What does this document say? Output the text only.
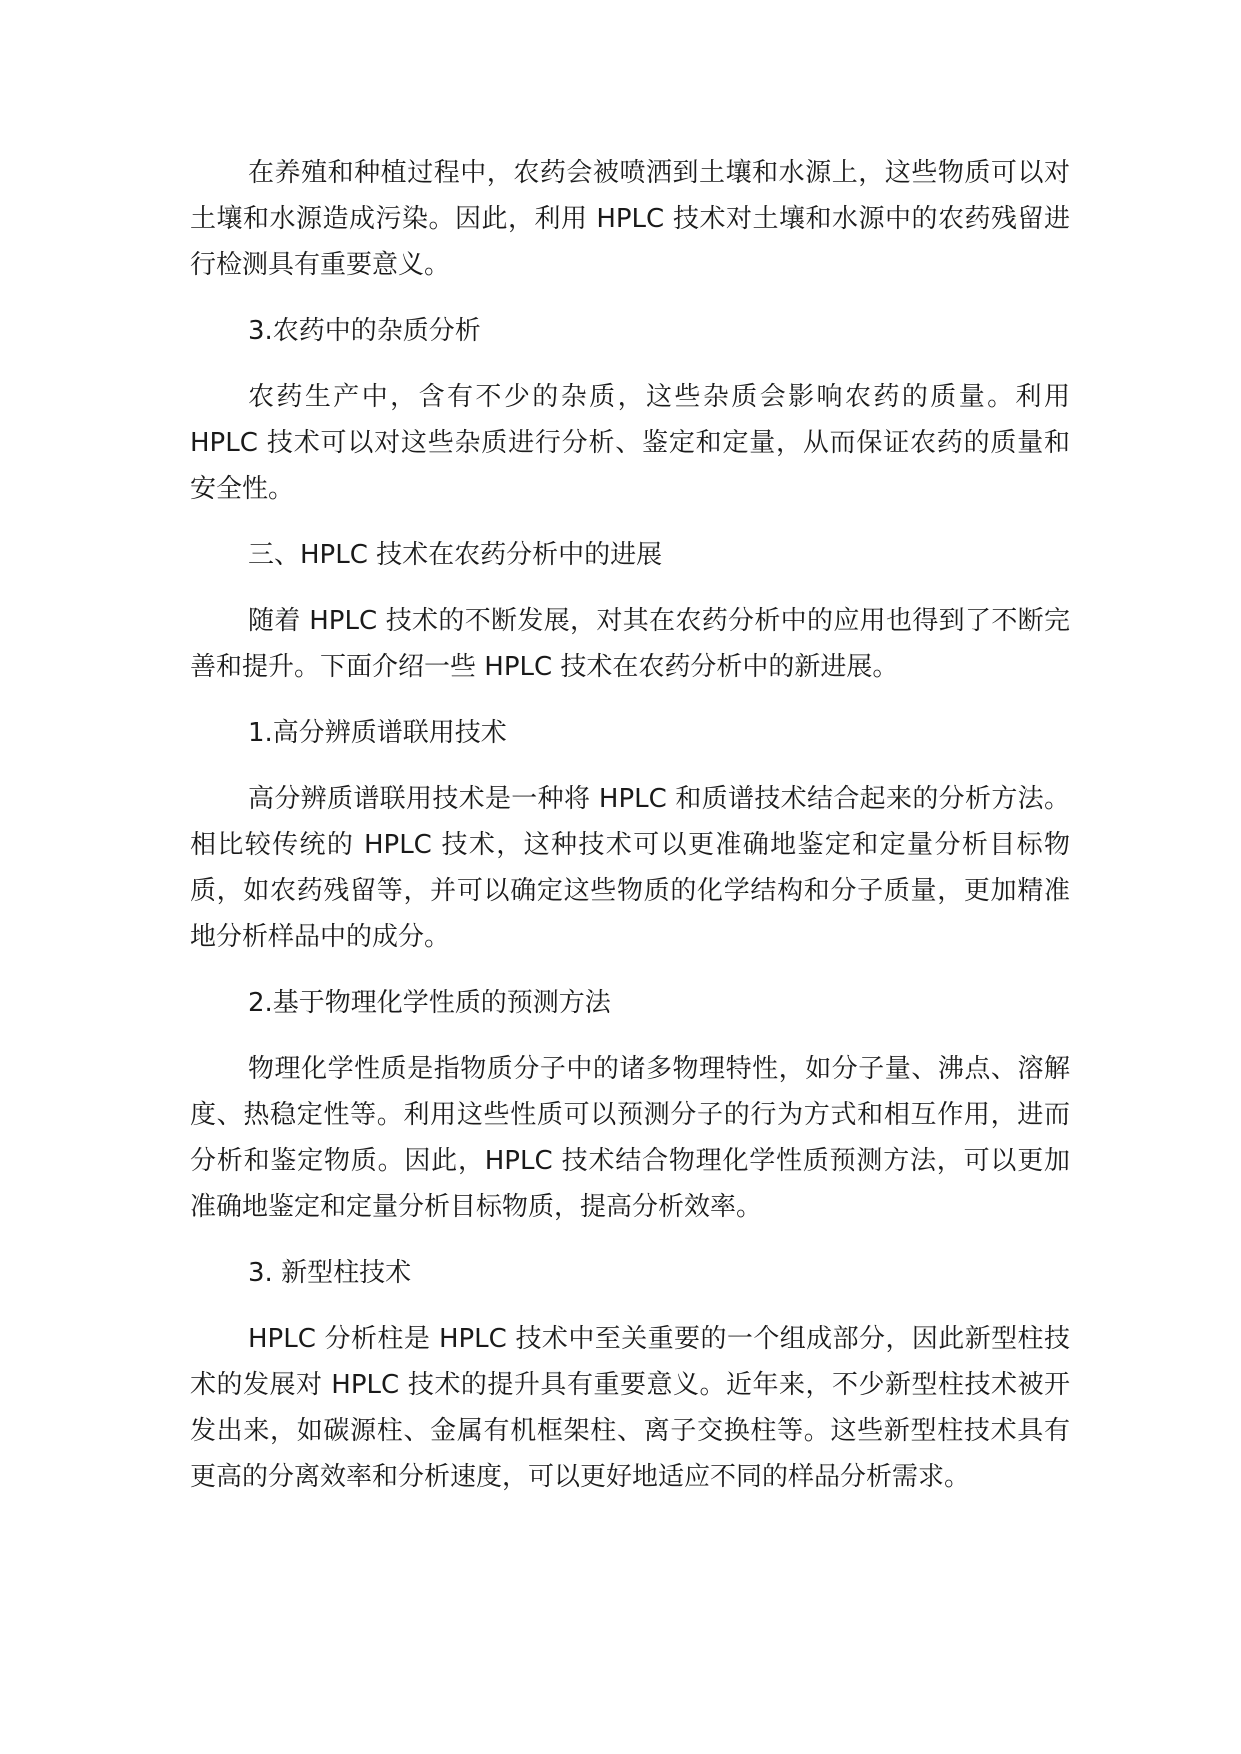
在养殖和种植过程中，农药会被喷洒到土壤和水源上，这些物质可以对土壤和水源造成污染。因此，利用 HPLC 技术对土壤和水源中的农药残留进行检测具有重要意义。

3.农药中的杂质分析

农药生产中，含有不少的杂质，这些杂质会影响农药的质量。利用 HPLC 技术可以对这些杂质进行分析、鉴定和定量，从而保证农药的质量和安全性。

三、HPLC 技术在农药分析中的进展

随着 HPLC 技术的不断发展，对其在农药分析中的应用也得到了不断完善和提升。下面介绍一些 HPLC 技术在农药分析中的新进展。

1.高分辨质谱联用技术

高分辨质谱联用技术是一种将 HPLC 和质谱技术结合起来的分析方法。相比较传统的 HPLC 技术，这种技术可以更准确地鉴定和定量分析目标物质，如农药残留等，并可以确定这些物质的化学结构和分子质量，更加精准地分析样品中的成分。

2.基于物理化学性质的预测方法

物理化学性质是指物质分子中的诸多物理特性，如分子量、沸点、溶解度、热稳定性等。利用这些性质可以预测分子的行为方式和相互作用，进而分析和鉴定物质。因此，HPLC 技术结合物理化学性质预测方法，可以更加准确地鉴定和定量分析目标物质，提高分析效率。

3. 新型柱技术

HPLC 分析柱是 HPLC 技术中至关重要的一个组成部分，因此新型柱技术的发展对 HPLC 技术的提升具有重要意义。近年来，不少新型柱技术被开发出来，如碳源柱、金属有机框架柱、离子交换柱等。这些新型柱技术具有更高的分离效率和分析速度，可以更好地适应不同的样品分析需求。
